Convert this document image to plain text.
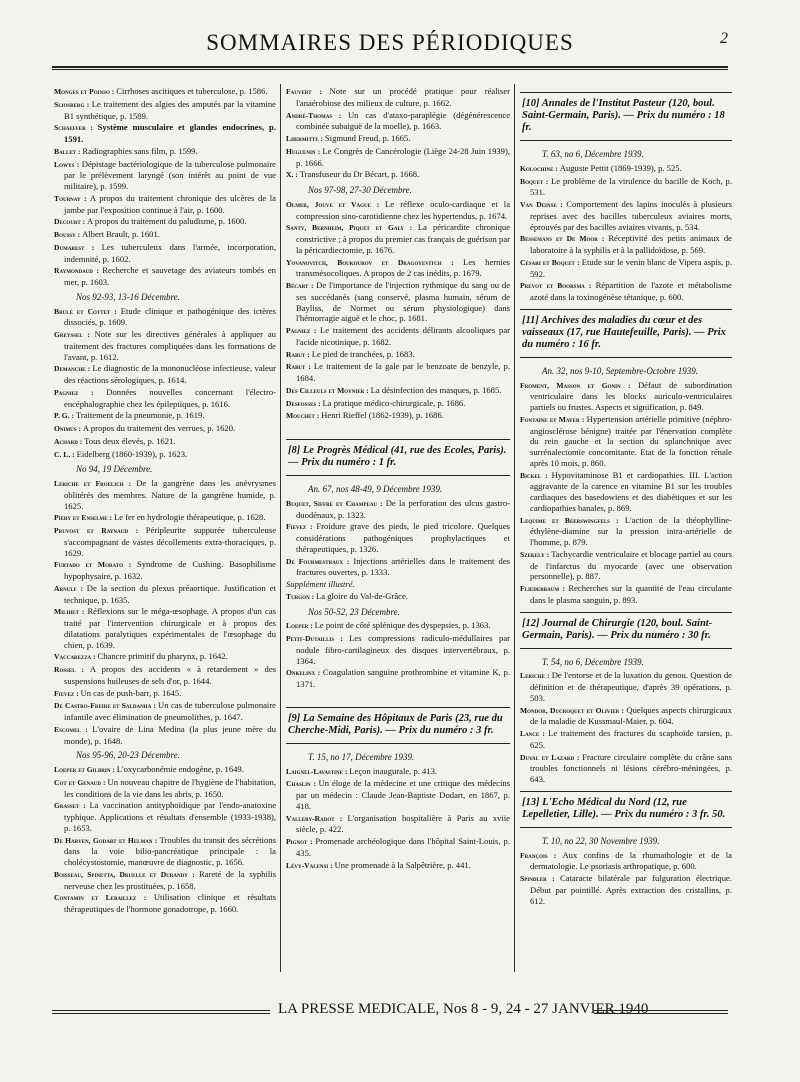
SOMMAIRES DES PÉRIODIQUES	2
Monges et Poinso : Cirrhoses ascitiques et tuberculose, p. 1586.
Sliosberg : Le traitement des algies des amputés par la vitamine B1 synthétique, p. 1589.
Schaeffer : Système musculaire et glandes endocrines, p. 1591.
Ballet : Radiographies sans film, p. 1599.
Lowys : Dépistage bactériologique de la tuberculose pulmonaire par le prélèvement laryngé (son intérêt au point de vue militaire), p. 1599.
Tournay : A propos du traitement chronique des ulcères de la jambe par l'exposition continue à l'air, p. 1600.
Decourt : A propos du traitement du paludisme, p. 1600.
Boussy : Albert Brault, p. 1601.
Dumarest : Les tuberculeux dans l'armée, incorporation, indemnité, p. 1602.
Raymondaud : Recherche et sauvetage des aviateurs tombés en mer, p. 1603.
Nos 92-93, 13-16 Décembre.
Brulé et Cottet : Etude clinique et pathogénique des ictères dissociés, p. 1609.
Greyssel : Note sur les directives générales à appliquer au traitement des fractures compliquées dans les formations de l'avant, p. 1612.
Demanche : Le diagnostic de la mononucléose infectieuse, valeur des réactions sérologiques, p. 1614.
Pagniez : Données nouvelles concernant l'électro-encéphalographie chez les épileptiques, p. 1616.
P. G. : Traitement de la pneumonie, p. 1619.
Onimus : A propos du traitement des verrues, p. 1620.
Achard : Tous deux élevés, p. 1621.
C. L. : Eidelberg (1860-1939), p. 1623.
No 94, 19 Décembre.
Leriche et Froelich : De la gangrène dans les anévrysmes oblitérés des membres. Nature de la gangrène humide, p. 1625.
Piery et Enselme : Le fer en hydrologie thérapeutique, p. 1628.
Pruvost et Raynaud : Péripleurite suppurée tuberculeuse s'accompagnant de vastes décollements extra-thoraciques, p. 1629.
Furtado et Morato : Syndrome de Cushing. Basophilisme hypophysaire, p. 1632.
Arnulf : De la section du plexus préaortique. Justification et technique, p. 1635.
Milhiet : Réflexions sur le méga-œsophage. A propos d'un cas traité par l'intervention chirurgicale et à propos des dilatations paralytiques expérimentales de l'œsophage du chien, p. 1639.
Vaccarezza : Chancre primitif du pharynx, p. 1642.
Rossel : A propos des accidents « à retardement » des suspensions huileuses de sels d'or, p. 1644.
Fievez : Un cas de push-barr, p. 1645.
De Castro-Freire et Saldanha : Un cas de tuberculose pulmonaire infantile avec élimination de pneumolithes, p. 1647.
Escomel : L'ovaire de Lina Medina (la plus jeune mère du monde), p. 1648.
Nos 95-96, 20-23 Décembre.
Loeper et Gilbrin : L'oxycarbonémie endogène, p. 1649.
Cot et Genaud : Un nouveau chapitre de l'hygiène de l'habitation, les conditions de la vie dans les abris, p. 1650.
Grasset : La vaccination antityphoïdique par l'endo-anatoxine typhique. Applications et résultats d'ensemble (1933-1938), p. 1653.
De Harven, Godart et Helman : Troubles du transit des sécrétions dans la voie bilio-pancréatique principale : la cholécystostomie, manœuvre de diagnostic, p. 1656.
Boisseau, Spinetta, Druelle et Durandy : Rareté de la syphilis nerveuse chez les prostituées, p. 1658.
Contamin et Lebaillez : Utilisation clinique et résultats thérapeutiques de l'hormone gonadotrope, p. 1660.
Fauvert : Note sur un procédé pratique pour réaliser l'anaérobiose des milieux de culture, p. 1662.
André-Thomas : Un cas d'ataxo-paraplégie (dégénérescence combinée subaiguë de la moelle), p. 1663.
Lhermitte : Sigmund Freud, p. 1665.
Huguenin : Le Congrès de Cancérologie (Liège 24-28 Juin 1939), p. 1666.
X. : Transfuseur du Dr Bécart, p. 1668.
Nos 97-98, 27-30 Décembre.
Olmer, Jouve et Vague : Le réflexe oculo-cardiaque et la compression sino-carotidienne chez les hypertendus, p. 1674.
Santy, Bernheim, Piquet et Galy : La péricardite chronique constrictive ; à propos du premier cas français de guérison par la péricardiectomie, p. 1676.
Yovanovitch, Boukourov et Dragoyevitch : Les hernies transmésocoliques. A propos de 2 cas inédits, p. 1679.
Bécart : De l'importance de l'injection rythmique du sang ou de ses succédanés (sang conservé, plasma humain, sérum de Bayliss, de Normet ou sérum physiologique) dans l'hémorragie aiguë et le choc, p. 1681.
Pagniez : Le traitement des accidents délirants alcooliques par l'acide nicotinique, p. 1682.
Rabut : Le pied de tranchées, p. 1683.
Rabut : Le traitement de la gale par le benzoate de benzyle, p. 1684.
Des Cilleuls et Moynier : La désinfection des masques, p. 1685.
Desfosses : La pratique médico-chirurgicale, p. 1686.
Mouchet : Henri Rieffel (1862-1939), p. 1686.
[8] Le Progrès Médical (41, rue des Ecoles, Paris). — Prix du numéro : 1 fr.
An. 67, nos 48-49, 9 Décembre 1939.
Buquet, Siffre et Champeau : De la perforation des ulcus gastro-duodénaux, p. 1323.
Fievez : Froidure grave des pieds, le pied tricolore. Quelques considérations pathogéniques prophylactiques et thérapeutiques, p. 1326.
De Fourmestraux : Injections artérielles dans le traitement des fractures ouvertes, p. 1333.
Supplément illustré.
Turgon : La gloire du Val-de-Grâce.
Nos 50-52, 23 Décembre.
Loeper : Le point de côté splénique des dyspepsies, p. 1363.
Petit-Dutaillis : Les compressions radiculo-médullaires par nodule fibro-cartilagineux des disques intervertébraux, p. 1364.
Onkelinx : Coagulation sanguine prothrombine et vitamine K, p. 1371.
[9] La Semaine des Hôpitaux de Paris (23, rue du Cherche-Midi, Paris). — Prix du numéro : 3 fr.
T. 15, no 17, Décembre 1939.
Laignel-Lavastine : Leçon inaugurale, p. 413.
Chaslin : Un éloge de la médecine et une critique des médecins par un médecin : Claude Jean-Baptiste Dodart, en 1867, p. 418.
Vallery-Radot : L'organisation hospitalière à Paris au xviie siècle, p. 422.
Pignot : Promenade archéologique dans l'hôpital Saint-Louis, p. 435.
Lévy-Valensi : Une promenade à la Salpêtrière, p. 441.
[10] Annales de l'Institut Pasteur (120, boul. Saint-Germain, Paris). — Prix du numéro : 18 fr.
T. 63, no 6, Décembre 1939.
Kolochine : Auguste Pettit (1869-1939), p. 525.
Boquet : Le problème de la virulence du bacille de Koch, p. 531.
Van Deinse : Comportement des lapins inoculés à plusieurs reprises avec des bacilles tuberculeux aviaires morts, éprouvés par des bacilles aviaires vivants, p. 534.
Bessemans et De Moor : Réceptivité des petits animaux de laboratoire à la syphilis et à la pallidoïdose, p. 569.
Césari et Boquet : Etude sur le venin blanc de Vipera aspis, p. 592.
Prevot et Boorsma : Répartition de l'azote et métabolisme azoté dans la toxinogénèse tétanique, p. 600.
[11] Archives des maladies du cœur et des vaisseaux (17, rue Hautefeuille, Paris). — Prix du numéro : 16 fr.
An. 32, nos 9-10, Septembre-Octobre 1939.
Froment, Masson et Gonin : Défaut de subordination ventriculaire dans les blocks auriculo-ventriculaires partiels ou frustes. Aspects et signification, p. 849.
Fontaine et Mayer : Hypertension artérielle primitive (néphro-angiosclérose bénigne) traitée par l'énervation complète du rein gauche et la section du splanchnique avec surrénalectomie concomitante. Etat de la fonction rénale après 10 mois, p. 860.
Bickel : Hypovitaminose B1 et cardiopathies. III. L'action aggravante de la carence en vitamine B1 sur les troubles cardiaques des basedowiens et des diabétiques et sur les cardiopathies banales, p. 869.
Lequime et Beerswingfels : L'action de la théophylline-éthylène-diamine sur la pression intra-artérielle de l'homme, p. 879.
Szekely : Tachycardie ventriculaire et blocage partiel au cours de l'infarctus du myocarde (avec une observation personnelle), p. 887.
Fliederbaum : Recherches sur la quantité de l'eau circulante dans le plasma sanguin, p. 893.
[12] Journal de Chirurgie (120, boul. Saint-Germain, Paris). — Prix du numéro : 30 fr.
T. 54, no 6, Décembre 1939.
Leriche : De l'entorse et de la luxation du genou. Question de définition et de thérapeutique, d'après 39 opérations, p. 503.
Mondor, Ducroquet et Olivier : Quelques aspects chirurgicaux de la maladie de Kussmaul-Maier, p. 604.
Lance : Le traitement des fractures du scaphoïde tarsien, p. 625.
Duval et Lazard : Fracture circulaire complète du crâne sans troubles fonctionnels ni lésions cérébro-méningées, p. 643.
[13] L'Echo Médical du Nord (12, rue Lepelletier, Lille). — Prix du numéro : 3 fr. 50.
T. 10, no 22, 30 Novembre 1939.
François : Aux confins de la rhumathologie et de la dermatologie. Le psoriasis arthropatique, p. 600.
Spindler : Cataracte bilatérale par fulguration électrique. Début par pointillé. Après extraction des cristallins, p. 612.
LA PRESSE MEDICALE, Nos 8 - 9, 24 - 27 JANVIER 1940
